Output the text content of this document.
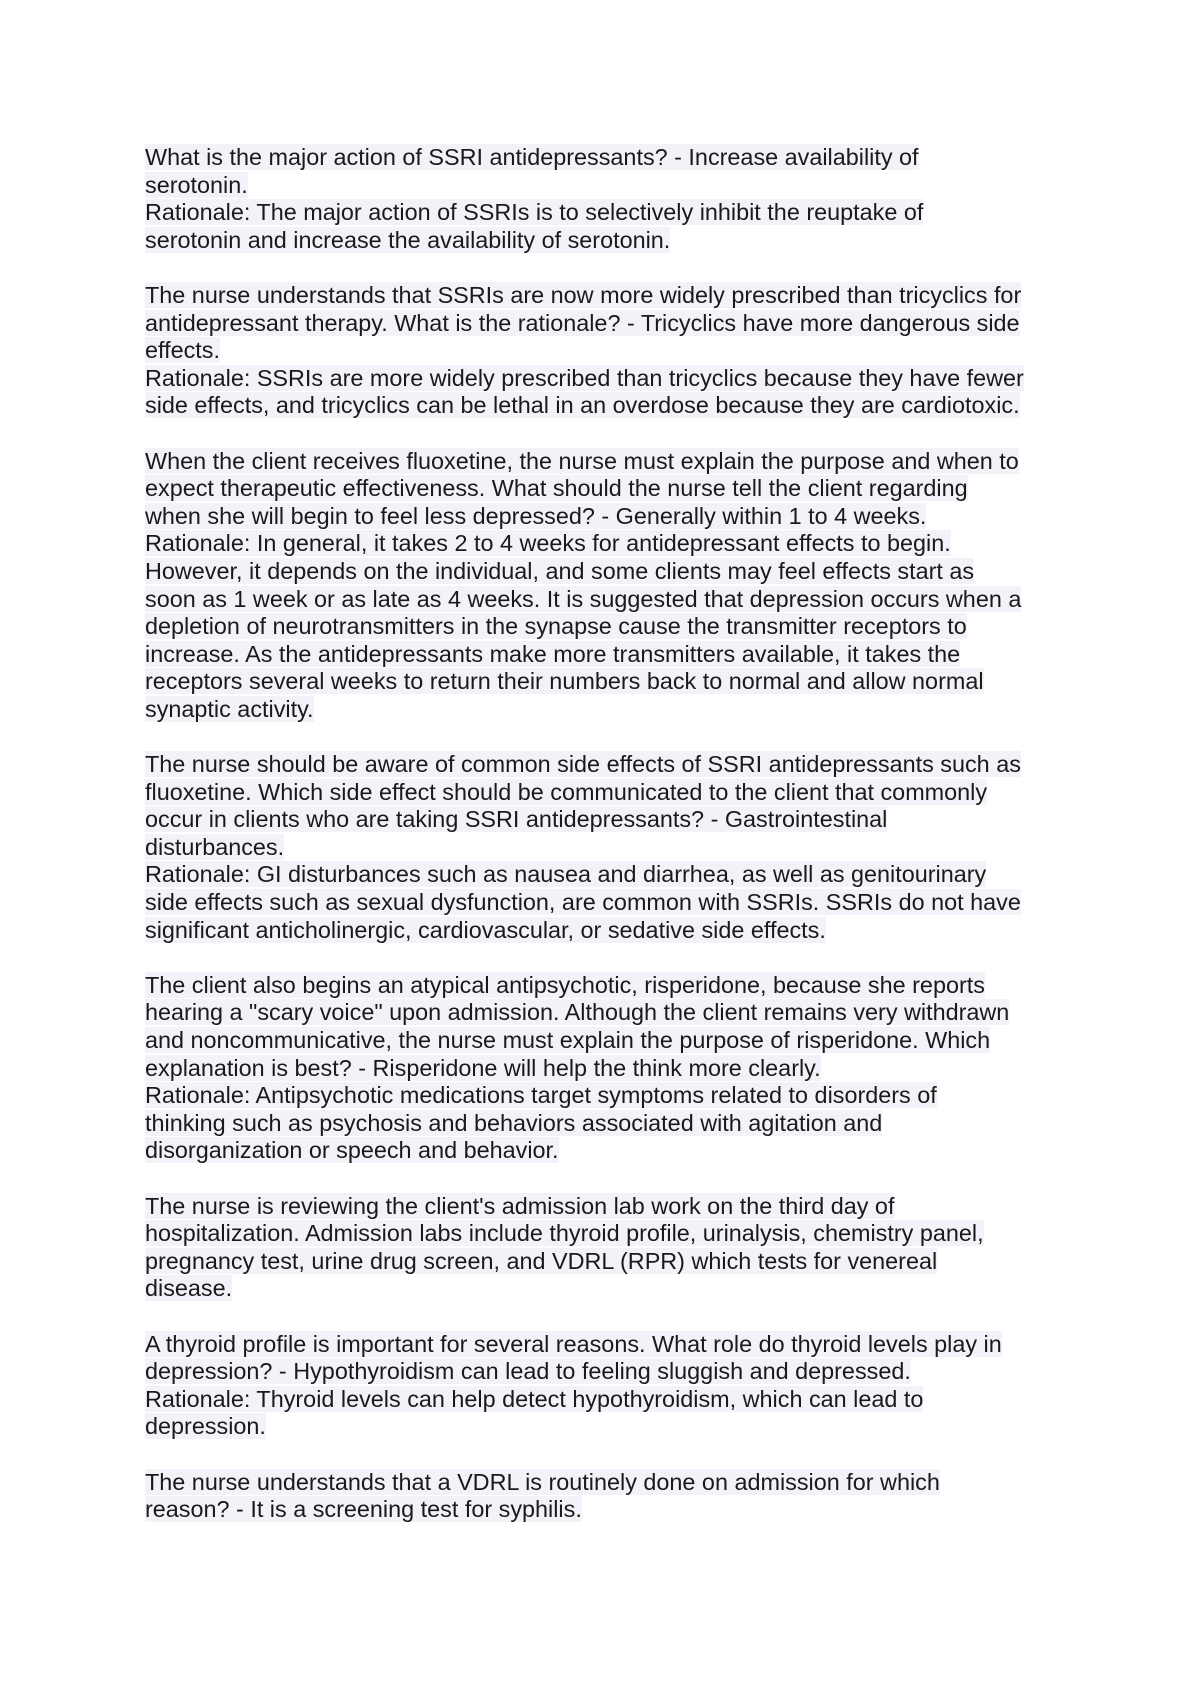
What is the major action of SSRI antidepressants? - Increase availability of
serotonin.
Rationale: The major action of SSRIs is to selectively inhibit the reuptake of
serotonin and increase the availability of serotonin.
The nurse understands that SSRIs are now more widely prescribed than tricyclics for
antidepressant therapy. What is the rationale? - Tricyclics have more dangerous side
effects.
Rationale: SSRIs are more widely prescribed than tricyclics because they have fewer
side effects, and tricyclics can be lethal in an overdose because they are cardiotoxic.
When the client receives fluoxetine, the nurse must explain the purpose and when to
expect therapeutic effectiveness. What should the nurse tell the client regarding
when she will begin to feel less depressed? - Generally within 1 to 4 weeks.
Rationale: In general, it takes 2 to 4 weeks for antidepressant effects to begin.
However, it depends on the individual, and some clients may feel effects start as
soon as 1 week or as late as 4 weeks. It is suggested that depression occurs when a
depletion of neurotransmitters in the synapse cause the transmitter receptors to
increase. As the antidepressants make more transmitters available, it takes the
receptors several weeks to return their numbers back to normal and allow normal
synaptic activity.
The nurse should be aware of common side effects of SSRI antidepressants such as
fluoxetine. Which side effect should be communicated to the client that commonly
occur in clients who are taking SSRI antidepressants? - Gastrointestinal
disturbances.
Rationale: GI disturbances such as nausea and diarrhea, as well as genitourinary
side effects such as sexual dysfunction, are common with SSRIs. SSRIs do not have
significant anticholinergic, cardiovascular, or sedative side effects.
The client also begins an atypical antipsychotic, risperidone, because she reports
hearing a "scary voice" upon admission. Although the client remains very withdrawn
and noncommunicative, the nurse must explain the purpose of risperidone. Which
explanation is best? - Risperidone will help the think more clearly.
Rationale: Antipsychotic medications target symptoms related to disorders of
thinking such as psychosis and behaviors associated with agitation and
disorganization or speech and behavior.
The nurse is reviewing the client's admission lab work on the third day of
hospitalization. Admission labs include thyroid profile, urinalysis, chemistry panel,
pregnancy test, urine drug screen, and VDRL (RPR) which tests for venereal
disease.
A thyroid profile is important for several reasons. What role do thyroid levels play in
depression? - Hypothyroidism can lead to feeling sluggish and depressed.
Rationale: Thyroid levels can help detect hypothyroidism, which can lead to
depression.
The nurse understands that a VDRL is routinely done on admission for which
reason? - It is a screening test for syphilis.
